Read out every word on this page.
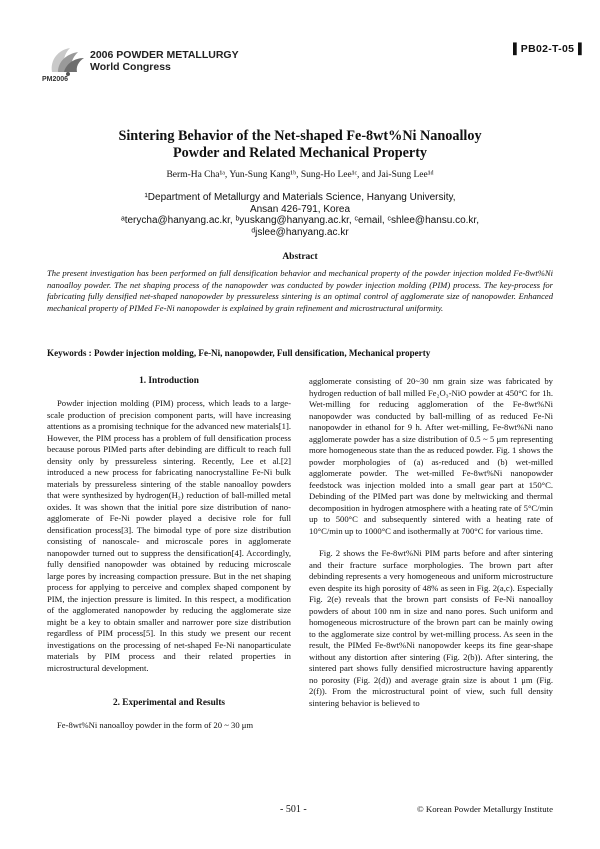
PM2006
2006 POWDER METALLURGY
World Congress
▌PB02-T-05▐
Sintering Behavior of the Net-shaped Fe-8wt%Ni Nanoalloy
Powder and Related Mechanical Property
Berm-Ha Cha¹ᵃ, Yun-Sung Kang¹ᵇ, Sung-Ho Lee¹ᶜ, and Jai-Sung Lee¹ᵈ
¹Department of Metallurgy and Materials Science, Hanyang University,
Ansan 426-791, Korea
ᵃterycha@hanyang.ac.kr, ᵇyuskang@hanyang.ac.kr, ᶜemail, ᶜshlee@hansu.co.kr,
ᵈjslee@hanyang.ac.kr
Abstract

The present investigation has been performed on full densification behavior and mechanical property of the powder injection molded Fe-8wt%Ni nanoalloy powder. The net shaping process of the nanopowder was conducted by powder injection molding (PIM) process. The key-process for fabricating fully densified net-shaped nanopowder by pressureless sintering is an optimal control of agglomerate size of nanopowder. Enhanced mechanical property of PIMed Fe-Ni nanopowder is explained by grain refinement and microstructural uniformity.

Keywords : Powder injection molding, Fe-Ni, nanopowder, Full densification, Mechanical property
1. Introduction

Powder injection molding (PIM) process, which leads to a large-scale production of precision component parts, will have increasing attentions as a promising technique for the advanced new materials[1]. However, the PIM process has a problem of full densification process because porous PIMed parts after debinding are difficult to reach full density only by pressureless sintering. Recently, Lee et al.[2] introduced a new process for fabricating nanocrystalline Fe-Ni bulk materials by pressureless sintering of the stable nanoalloy powders that were synthesized by hydrogen(H₂) reduction of ball-milled metal oxides. It was shown that the initial pore size distribution of nano-agglomerate of Fe-Ni powder played a decisive role for full densification process[3]. The bimodal type of pore size distribution consisting of nanoscale- and microscale pores in agglomerate nanopowder turned out to suppress the densification[4]. Accordingly, fully densified nanopowder was obtained by reducing microscale large pores by increasing compaction pressure. But in the net shaping process for applying to perceive and complex shaped component by PIM, the injection pressure is limited. In this respect, a modification of the agglomerated nanopowder by reducing the agglomerate size might be a key to obtain smaller and narrower pore size distribution regardless of PIM process[5]. In this study we present our recent investigations on the processing of net-shaped Fe-Ni nanoparticulate materials by PIM process and their related properties in microstructural development.

2. Experimental and Results

Fe-8wt%Ni nanoalloy powder in the form of 20 ~ 30 μm

agglomerate consisting of 20~30 nm grain size was fabricated by hydrogen reduction of ball milled Fe₂O₃-NiO powder at 450°C for 1h. Wet-milling for reducing agglomeration of the Fe-8wt%Ni nanopowder was conducted by ball-milling of as reduced Fe-Ni nanopowder in ethanol for 9 h. After wet-milling, Fe-8wt%Ni nano agglomerate powder has a size distribution of 0.5 ~ 5 μm representing more homogeneous state than the as reduced powder. Fig. 1 shows the powder morphologies of (a) as-reduced and (b) wet-milled agglomerate powder. The wet-milled Fe-8wt%Ni nanopowder feedstock was injection molded into a small gear part at 150°C. Debinding of the PIMed part was done by meltwicking and thermal decomposition in hydrogen atmosphere with a heating rate of 5°C/min up to 500°C and subsequently sintered with a heating rate of 10°C/min up to 1000°C and isothermally at 700°C for various time.

Fig. 2 shows the Fe-8wt%Ni PIM parts before and after sintering and their fracture surface morphologies. The brown part after debinding represents a very homogeneous and uniform microstructure even despite its high porosity of 48% as seen in Fig. 2(a,c). Especially Fig. 2(e) reveals that the brown part consists of Fe-Ni nanoalloy powders of about 100 nm in size and nano pores. Such uniform and homogeneous microstructure of the brown part can be mainly owing to the agglomerate size control by wet-milling process. As seen in the result, the PIMed Fe-8wt%Ni nanopowder keeps its fine gear-shape without any distortion after sintering (Fig. 2(b)). After sintering, the sintered part shows fully densified microstructure having apparently no porosity (Fig. 2(d)) and average grain size is about 1 μm (Fig. 2(f)). From the microstructural point of view, such full density sintering behavior is believed to

- 501 -	© Korean Powder Metallurgy Institute
